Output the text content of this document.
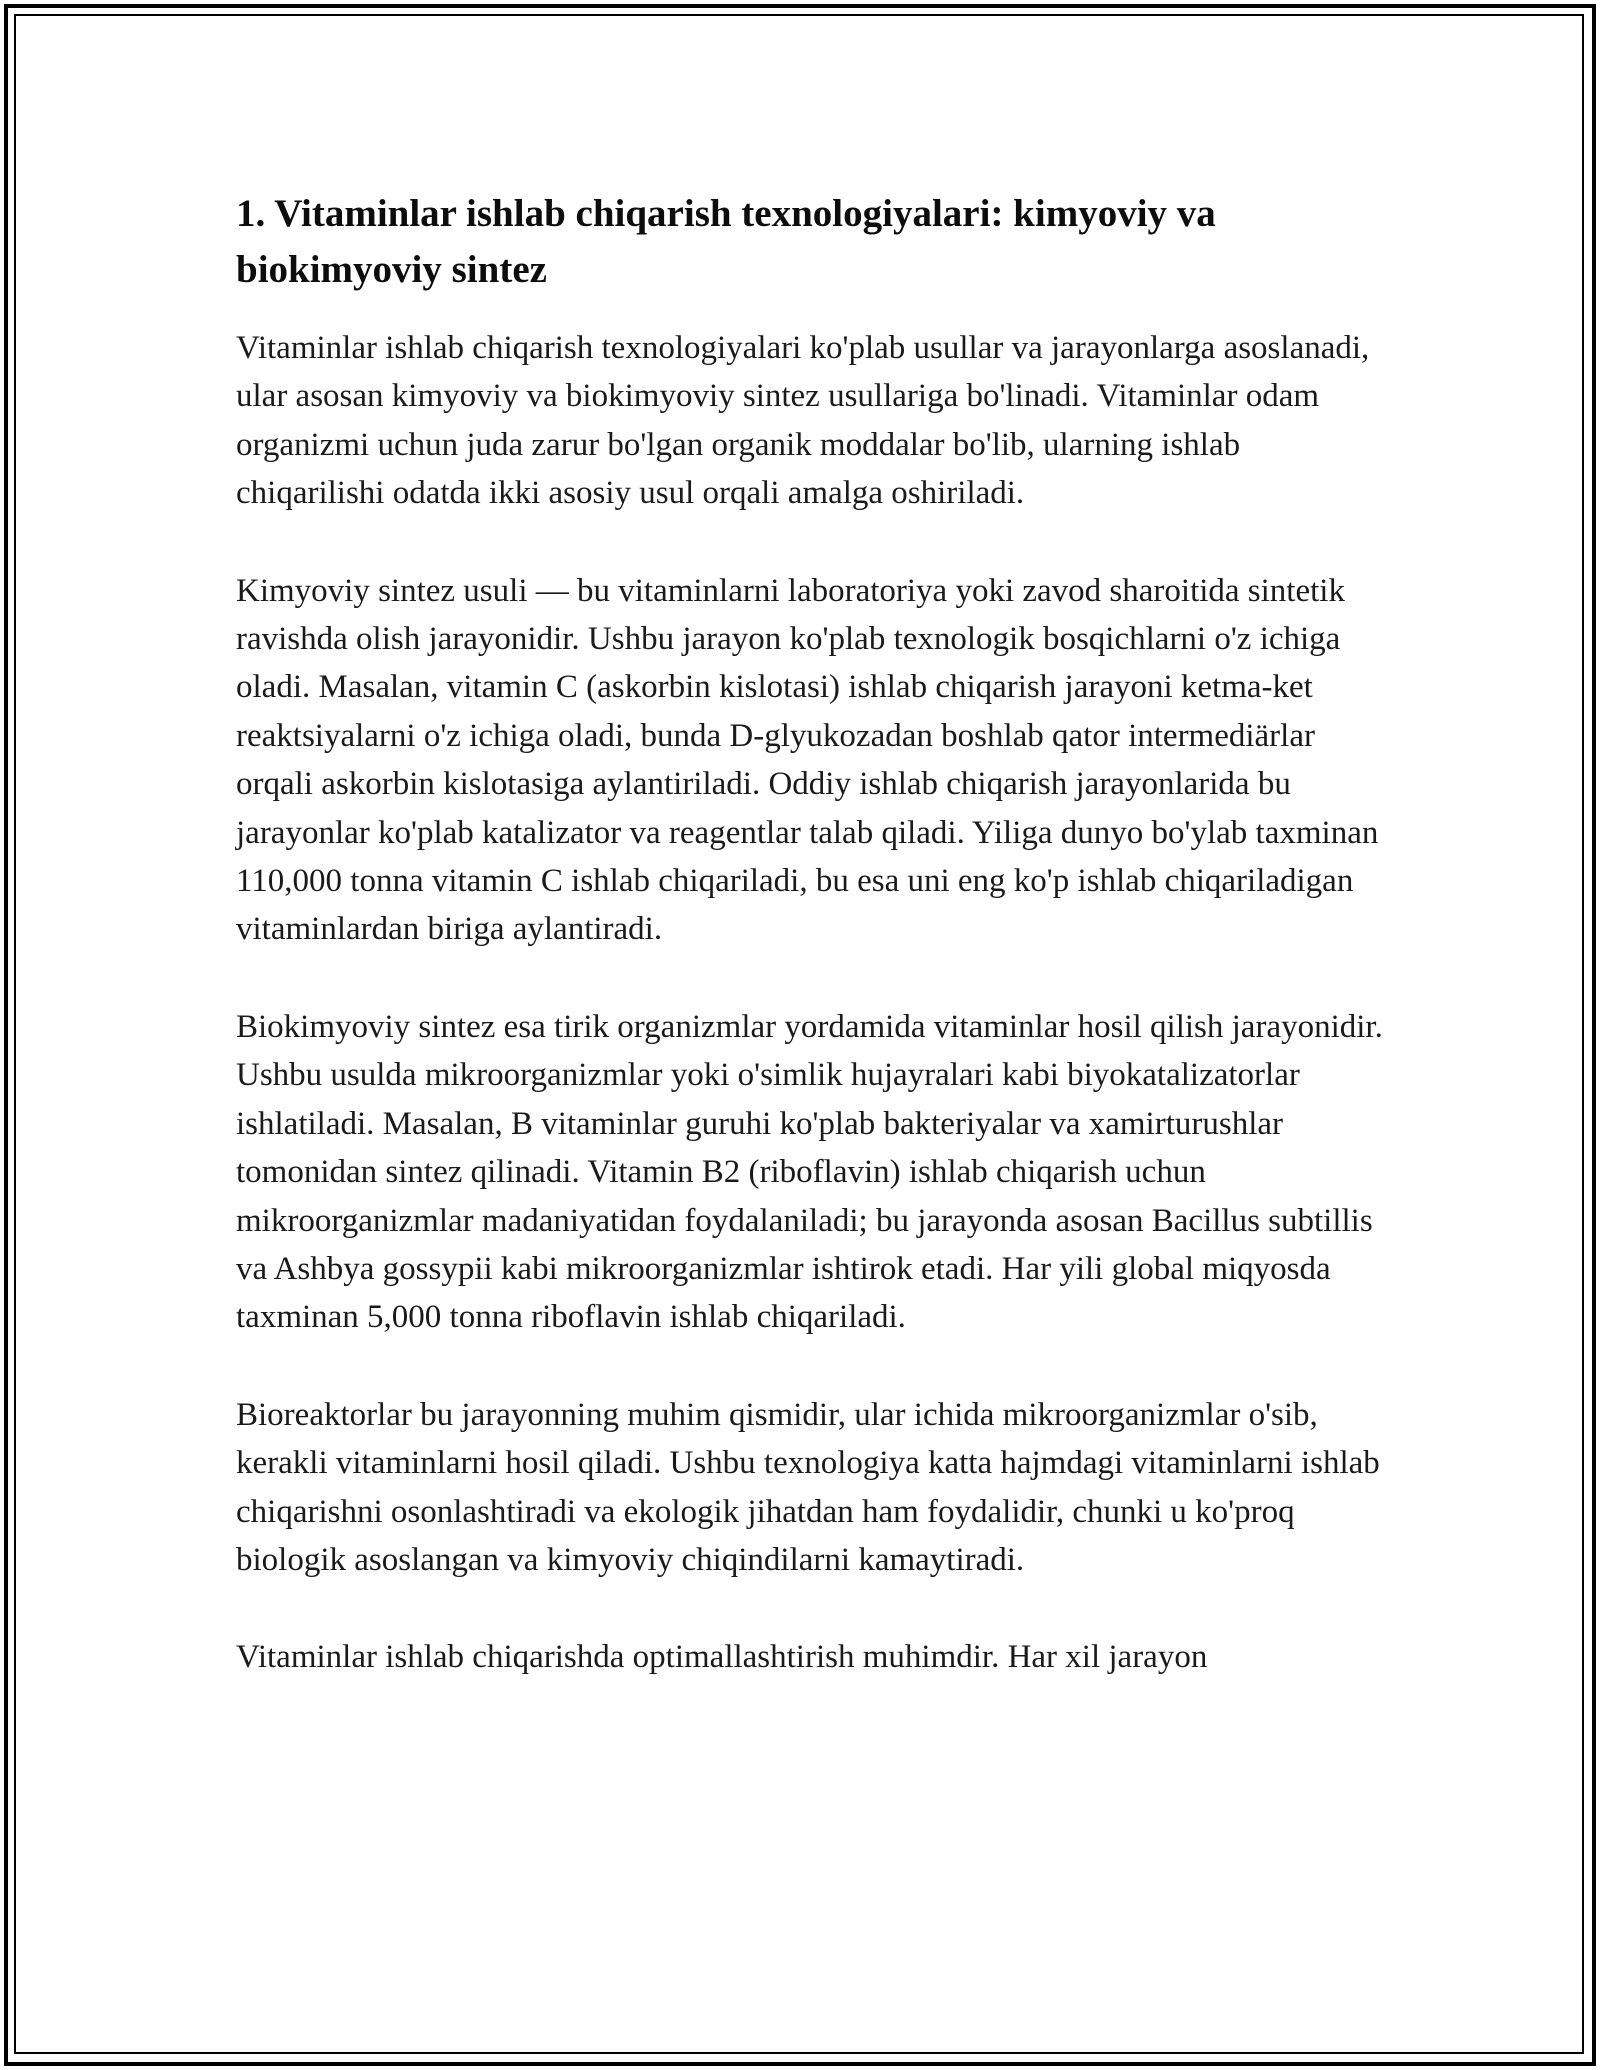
1. Vitaminlar ishlab chiqarish texnologiyalari: kimyoviy va biokimyoviy sintez

Vitaminlar ishlab chiqarish texnologiyalari ko'plab usullar va jarayonlarga asoslanadi, ular asosan kimyoviy va biokimyoviy sintez usullariga bo'linadi. Vitaminlar odam organizmi uchun juda zarur bo'lgan organik moddalar bo'lib, ularning ishlab chiqarilishi odatda ikki asosiy usul orqali amalga oshiriladi.

Kimyoviy sintez usuli — bu vitaminlarni laboratoriya yoki zavod sharoitida sintetik ravishda olish jarayonidir. Ushbu jarayon ko'plab texnologik bosqichlarni o'z ichiga oladi. Masalan, vitamin C (askorbin kislotasi) ishlab chiqarish jarayoni ketma-ket reaktsiyalarni o'z ichiga oladi, bunda D-glyukozadan boshlab qator intermediärlar orqali askorbin kislotasiga aylantiriladi. Oddiy ishlab chiqarish jarayonlarida bu jarayonlar ko'plab katalizator va reagentlar talab qiladi. Yiliga dunyo bo'ylab taxminan 110,000 tonna vitamin C ishlab chiqariladi, bu esa uni eng ko'p ishlab chiqariladigan vitaminlardan biriga aylantiradi.

Biokimyoviy sintez esa tirik organizmlar yordamida vitaminlar hosil qilish jarayonidir. Ushbu usulda mikroorganizmlar yoki o'simlik hujayralari kabi biyokatalizatorlar ishlatiladi. Masalan, B vitaminlar guruhi ko'plab bakteriyalar va xamirturushlar tomonidan sintez qilinadi. Vitamin B2 (riboflavin) ishlab chiqarish uchun mikroorganizmlar madaniyatidan foydalaniladi; bu jarayonda asosan Bacillus subtillis va Ashbya gossypii kabi mikroorganizmlar ishtirok etadi. Har yili global miqyosda taxminan 5,000 tonna riboflavin ishlab chiqariladi.

Bioreaktorlar bu jarayonning muhim qismidir, ular ichida mikroorganizmlar o'sib, kerakli vitaminlarni hosil qiladi. Ushbu texnologiya katta hajmdagi vitaminlarni ishlab chiqarishni osonlashtiradi va ekologik jihatdan ham foydalidir, chunki u ko'proq biologik asoslangan va kimyoviy chiqindilarni kamaytiradi.

Vitaminlar ishlab chiqarishda optimallashtirish muhimdir. Har xil jarayon
